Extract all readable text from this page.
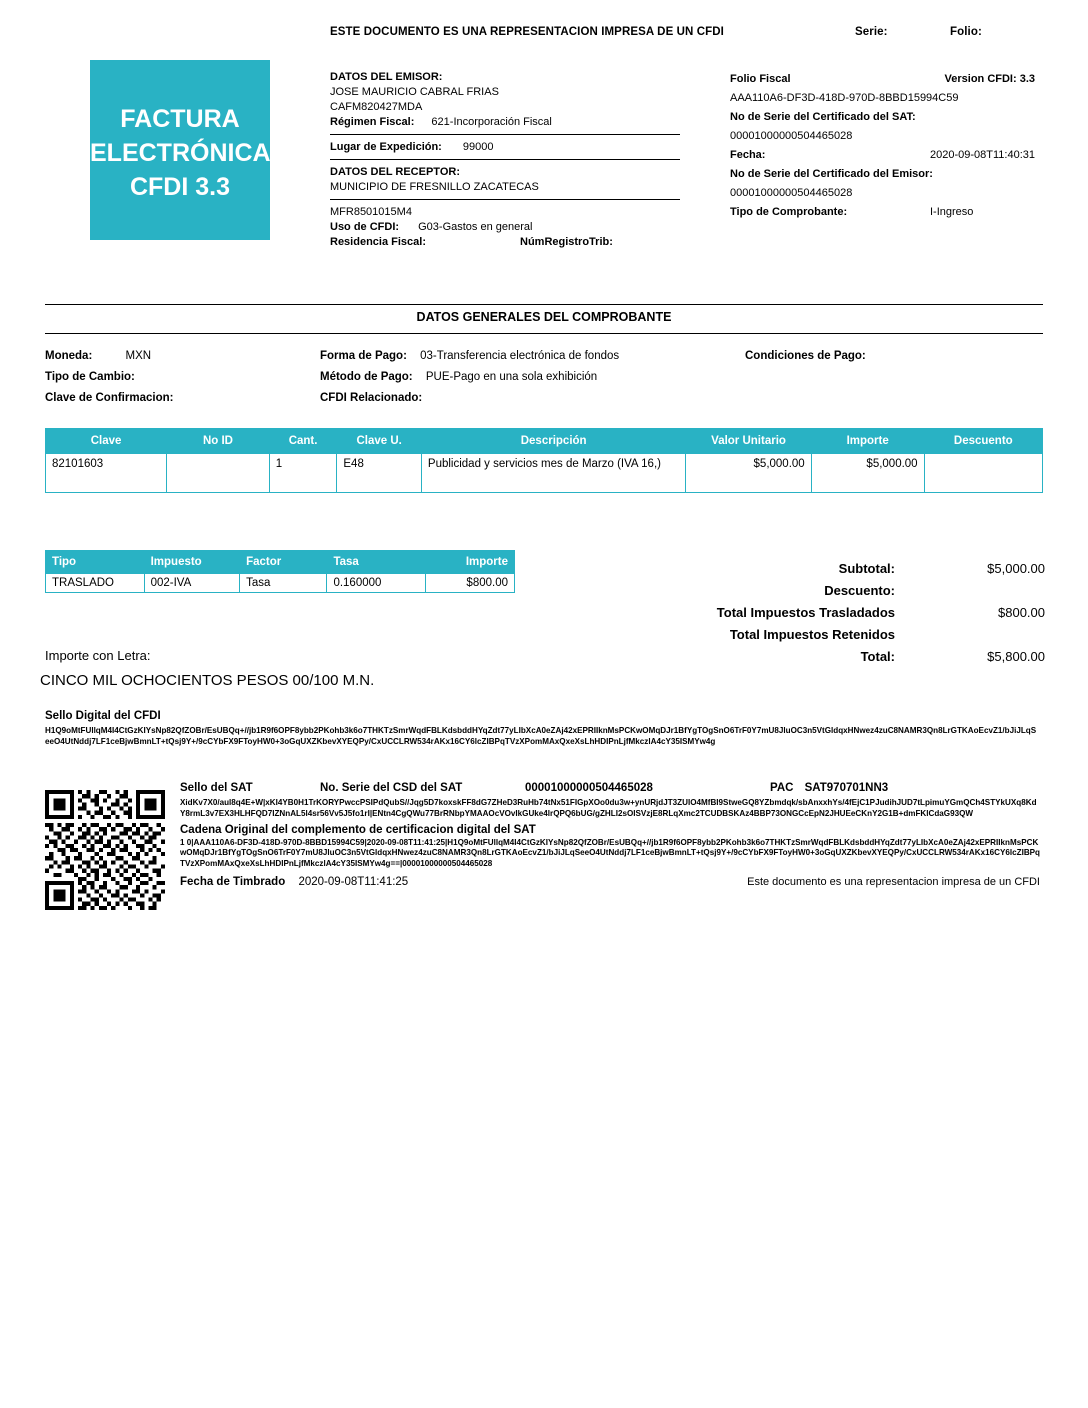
ESTE DOCUMENTO ES UNA REPRESENTACION IMPRESA DE UN CFDI	Serie:	Folio:
FACTURA
ELECTRÓNICA
CFDI 3.3
DATOS DEL EMISOR:
JOSE MAURICIO CABRAL FRIAS
CAFM820427MDA
Régimen Fiscal: 621-Incorporación Fiscal
Lugar de Expedición: 99000
DATOS DEL RECEPTOR:
MUNICIPIO DE FRESNILLO ZACATECAS
MFR8501015M4
Uso de CFDI: G03-Gastos en general
Residencia Fiscal:	NúmRegistroTrib:
Folio Fiscal	Version CFDI: 3.3
AAA110A6-DF3D-418D-970D-8BBD15994C59
No de Serie del Certificado del SAT:
00001000000504465028
Fecha:	2020-09-08T11:40:31
No de Serie del Certificado del Emisor:
00001000000504465028
Tipo de Comprobante:	I-Ingreso
DATOS GENERALES DEL COMPROBANTE
Moneda:	MXN
Tipo de Cambio:
Clave de Confirmacion:
Forma de Pago: 03-Transferencia electrónica de fondos
Método de Pago: PUE-Pago en una sola exhibición
CFDI Relacionado:
Condiciones de Pago:
Clave	No ID	Cant.	Clave U.	Descripción	Valor Unitario	Importe	Descuento
82101603		1	E48	Publicidad y servicios mes de Marzo (IVA 16,)	$5,000.00	$5,000.00	
Tipo	Impuesto	Factor	Tasa	Importe
TRASLADO	002-IVA	Tasa	0.160000	$800.00
Subtotal:	$5,000.00
Descuento:
Total Impuestos Trasladados	$800.00
Total Impuestos Retenidos
Total:	$5,800.00
Importe con Letra:
CINCO MIL OCHOCIENTOS PESOS 00/100 M.N.
Sello Digital del CFDI
H1Q9oMtFUllqM4I4CtGzKIYsNp82QfZOBr/EsUBQq+//jb1R9f6OPF8ybb2PKohb3k6o7THKTzSmrWqdFBLKdsbddHYqZdt77yLIbXcA0eZAj42xEPRIIknMsPCKwOMqDJr1BfYgTOgSnO6TrF0Y7mU8JluOC3n5VtGldqxHNwez4zuC8NAMR3Qn8LrGTKAoEcvZ1/bJiJLqSeeO4UtNddj7LF1ceBjwBmnLT+tQsj9Y+/9cCYbFX9FToyHW0+3oGqUXZKbevXYEQPy/CxUCCLRW534rAKx16CY6lcZIBPqTVzXPomMAxQxeXsLhHDIPnLjfMkczlA4cY35ISMYw4g
Sello del SAT	No. Serie del CSD del SAT	00001000000504465028	PAC SAT970701NN3
XidKv7X0/aul8q4E+W|xKI4YB0H1TrKORYPwccPSIPdQubS//Jqg5D7koxskFF8dG7ZHeD3RuHb74tNx51FIGpXOo0du3w+ynURjdJT3ZUIO4MfBI9StweGQ8YZbmdqk/sbAnxxhYs/4fEjC1PJudihJUD7tLpimuYGmQCh4STYkUXq8KdY8rmL3v7EX3HLHFQD7IZNnAL5l4sr56Vv5J5fo1rI|ENtn4CgQWu77BrRNbpYMAAOcVOvIkGUke4lrQPQ6bUG/gZHLI2sOISVzjE8RLqXmc2TCUDBSKAz4BBP73ONGCcEpN2JHUEeCKnY2G1B+dmFKlCdaG93QW
Cadena Original del complemento de certificacion digital del SAT
1 0|AAA110A6-DF3D-418D-970D-8BBD15994C59|2020-09-08T11:41:25|H1Q9oMtFUllqM4I4CtGzKIYsNp82QfZOBr/EsUBQq+//jb1R9f6OPF8ybb2PKohb3k6o7THKTzSmrWqdFBLKdsbddHYqZdt77yLIbXcA0eZAj42xEPRIIknMsPCKwOMqDJr1BfYgTOgSnO6TrF0Y7mU8JluOC3n5VtGldqxHNwez4zuC8NAMR3Qn8LrGTKAoEcvZ1/bJiJLqSeeO4UtNddj7LF1ceBjwBmnLT+tQsj9Y+/9cCYbFX9FToyHW0+3oGqUXZKbevXYEQPy/CxUCCLRW534rAKx16CY6lcZIBPqTVzXPomMAxQxeXsLhHDIPnLjfMkczlA4cY35ISMYw4g==|00001000000504465028
Fecha de Timbrado 2020-09-08T11:41:25	Este documento es una representacion impresa de un CFDI
